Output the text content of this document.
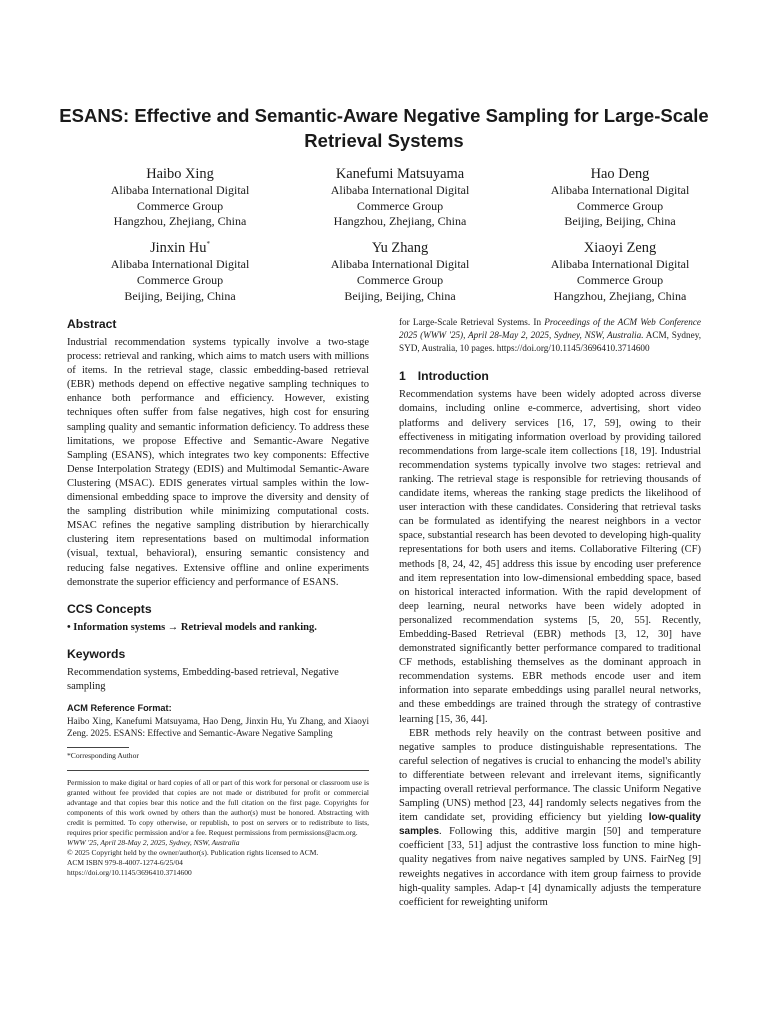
ESANS: Effective and Semantic-Aware Negative Sampling for Large-Scale Retrieval Systems
Haibo Xing
Alibaba International Digital
Commerce Group
Hangzhou, Zhejiang, China
Kanefumi Matsuyama
Alibaba International Digital
Commerce Group
Hangzhou, Zhejiang, China
Hao Deng
Alibaba International Digital
Commerce Group
Beijing, Beijing, China
Jinxin Hu*
Alibaba International Digital
Commerce Group
Beijing, Beijing, China
Yu Zhang
Alibaba International Digital
Commerce Group
Beijing, Beijing, China
Xiaoyi Zeng
Alibaba International Digital
Commerce Group
Hangzhou, Zhejiang, China
Abstract

Industrial recommendation systems typically involve a two-stage process: retrieval and ranking, which aims to match users with millions of items. In the retrieval stage, classic embedding-based retrieval (EBR) methods depend on effective negative sampling techniques to enhance both performance and efficiency. However, existing techniques often suffer from false negatives, high cost for ensuring sampling quality and semantic information deficiency. To address these limitations, we propose Effective and Semantic-Aware Negative Sampling (ESANS), which integrates two key components: Effective Dense Interpolation Strategy (EDIS) and Multimodal Semantic-Aware Clustering (MSAC). EDIS generates virtual samples within the low-dimensional embedding space to improve the diversity and density of the sampling distribution while minimizing computational costs. MSAC refines the negative sampling distribution by hierarchically clustering item representations based on multimodal information (visual, textual, behavioral), ensuring semantic consistency and reducing false negatives. Extensive offline and online experiments demonstrate the superior efficiency and performance of ESANS.

CCS Concepts

• Information systems → Retrieval models and ranking.

Keywords

Recommendation systems, Embedding-based retrieval, Negative sampling

ACM Reference Format:

Haibo Xing, Kanefumi Matsuyama, Hao Deng, Jinxin Hu, Yu Zhang, and Xiaoyi Zeng. 2025. ESANS: Effective and Semantic-Aware Negative Sampling

*Corresponding Author

Permission to make digital or hard copies of all or part of this work for personal or classroom use is granted without fee provided that copies are not made or distributed for profit or commercial advantage and that copies bear this notice and the full citation on the first page. Copyrights for components of this work owned by others than the author(s) must be honored. Abstracting with credit is permitted. To copy otherwise, or republish, to post on servers or to redistribute to lists, requires prior specific permission and/or a fee. Request permissions from permissions@acm.org.

WWW '25, April 28-May 2, 2025, Sydney, NSW, Australia

© 2025 Copyright held by the owner/author(s). Publication rights licensed to ACM.

ACM ISBN 979-8-4007-1274-6/25/04

https://doi.org/10.1145/3696410.3714600

for Large-Scale Retrieval Systems. In Proceedings of the ACM Web Conference 2025 (WWW '25), April 28-May 2, 2025, Sydney, NSW, Australia. ACM, Sydney, SYD, Australia, 10 pages. https://doi.org/10.1145/3696410.3714600

1 Introduction

Recommendation systems have been widely adopted across diverse domains, including online e-commerce, advertising, short video platforms and delivery services [16, 17, 59], owing to their effectiveness in mitigating information overload by providing tailored recommendations from large-scale item collections [18, 19]. Industrial recommendation systems typically involve two stages: retrieval and ranking. The retrieval stage is responsible for retrieving thousands of candidate items, whereas the ranking stage predicts the likelihood of user interaction with these candidates. Considering that retrieval tasks can be formulated as identifying the nearest neighbors in a vector space, substantial research has been devoted to developing high-quality representations for both users and items. Collaborative Filtering (CF) methods [8, 24, 42, 45] address this issue by encoding user preference and item representation into low-dimensional embedding space, based on historical interacted information. With the rapid development of deep learning, neural networks have been widely adopted in personalized recommendation systems [5, 20, 55]. Recently, Embedding-Based Retrieval (EBR) methods [3, 12, 30] have demonstrated significantly better performance compared to traditional CF methods, establishing themselves as the dominant approach in recommendation systems. EBR methods encode user and item information into separate embeddings using parallel neural networks, and these embeddings are trained through the strategy of contrastive learning [15, 36, 44].

EBR methods rely heavily on the contrast between positive and negative samples to produce distinguishable representations. The careful selection of negatives is crucial to enhancing the model's ability to differentiate between relevant and irrelevant items, significantly impacting overall retrieval performance. The classic Uniform Negative Sampling (UNS) method [23, 44] randomly selects negatives from the item candidate set, providing efficiency but yielding low-quality samples. Following this, additive margin [50] and temperature coefficient [33, 51] adjust the contrastive loss function to mine high-quality negatives from naive negatives sampled by UNS. FairNeg [9] reweights negatives in accordance with item group fairness to provide high-quality samples. Adap-τ [4] dynamically adjusts the temperature coefficient for reweighting uniform
